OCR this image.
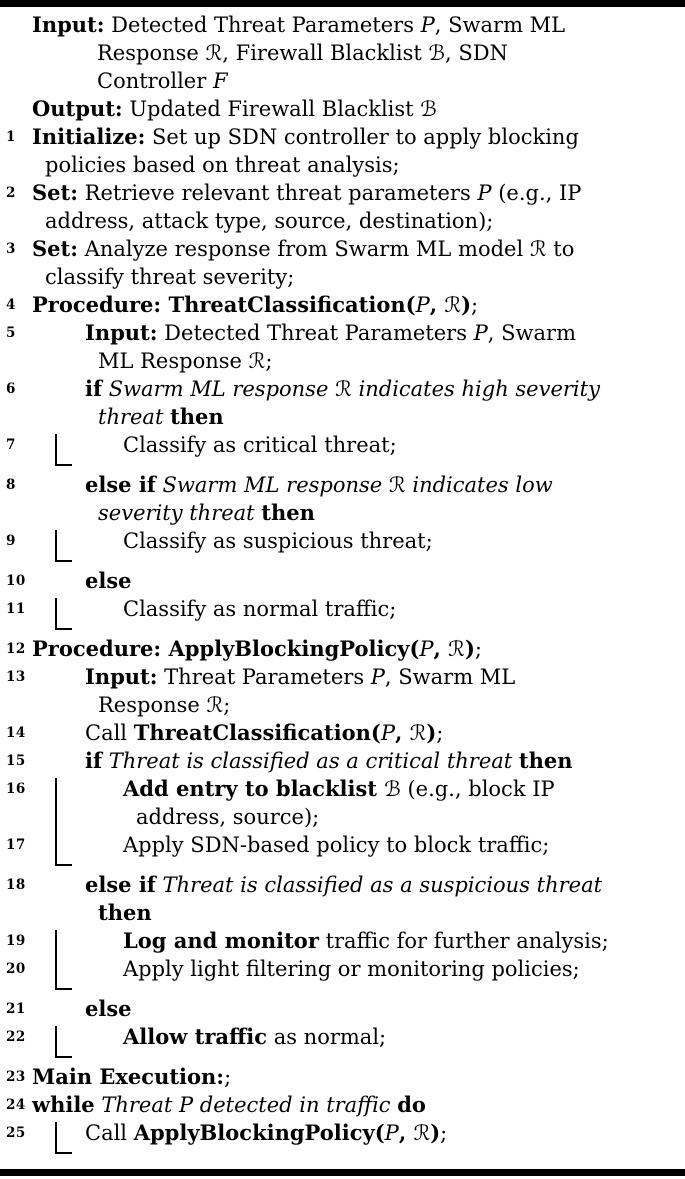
Input: Detected Threat Parameters P, Swarm ML
Response ℛ, Firewall Blacklist ℬ, SDN
Controller F
Output: Updated Firewall Blacklist ℬ
1 Initialize: Set up SDN controller to apply blocking
policies based on threat analysis;
2 Set: Retrieve relevant threat parameters P (e.g., IP
address, attack type, source, destination);
3 Set: Analyze response from Swarm ML model ℛ to
classify threat severity;
4 Procedure: ThreatClassification(P, ℛ);
5	Input: Detected Threat Parameters P, Swarm
ML Response ℛ;
6	if Swarm ML response ℛ indicates high severity
threat then
7	Classify as critical threat;
8	else if Swarm ML response ℛ indicates low
severity threat then
9	Classify as suspicious threat;
10	else
11	Classify as normal traffic;
12 Procedure: ApplyBlockingPolicy(P, ℛ);
13	Input: Threat Parameters P, Swarm ML
Response ℛ;
14	Call ThreatClassification(P, ℛ);
15	if Threat is classified as a critical threat then
16	Add entry to blacklist ℬ (e.g., block IP
address, source);
17	Apply SDN-based policy to block traffic;
18	else if Threat is classified as a suspicious threat
then
19	Log and monitor traffic for further analysis;
20	Apply light filtering or monitoring policies;
21	else
22	Allow traffic as normal;
23 Main Execution:;
24 while Threat P detected in traffic do
25	Call ApplyBlockingPolicy(P, ℛ);
